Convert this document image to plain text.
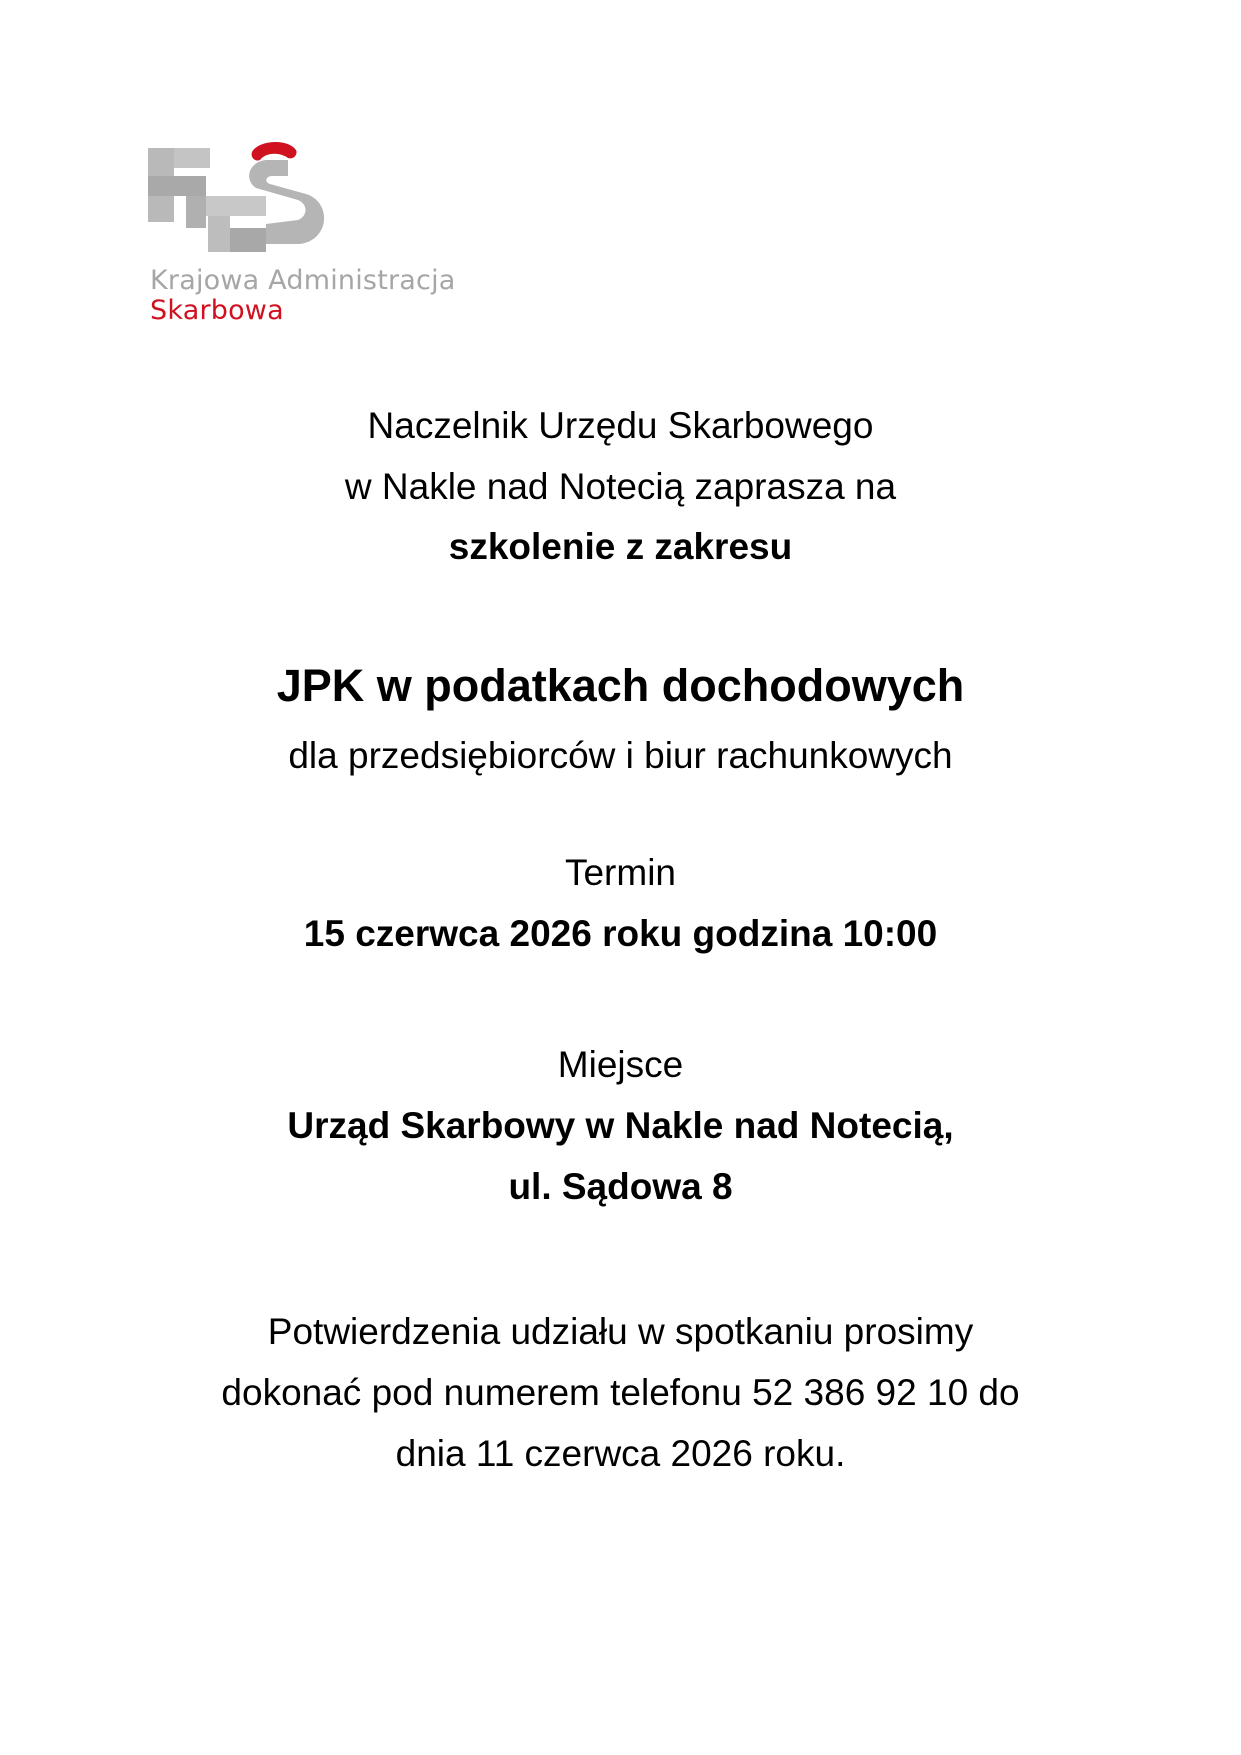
Krajowa Administracja
Skarbowa
Naczelnik Urzędu Skarbowego
w Nakle nad Notecią zaprasza na
szkolenie z zakresu
JPK w podatkach dochodowych
dla przedsiębiorców i biur rachunkowych
Termin
15 czerwca 2026 roku godzina 10:00
Miejsce
Urząd Skarbowy w Nakle nad Notecią,
ul. Sądowa 8
Potwierdzenia udziału w spotkaniu prosimy
dokonać pod numerem telefonu 52 386 92 10 do
dnia 11 czerwca 2026 roku.
